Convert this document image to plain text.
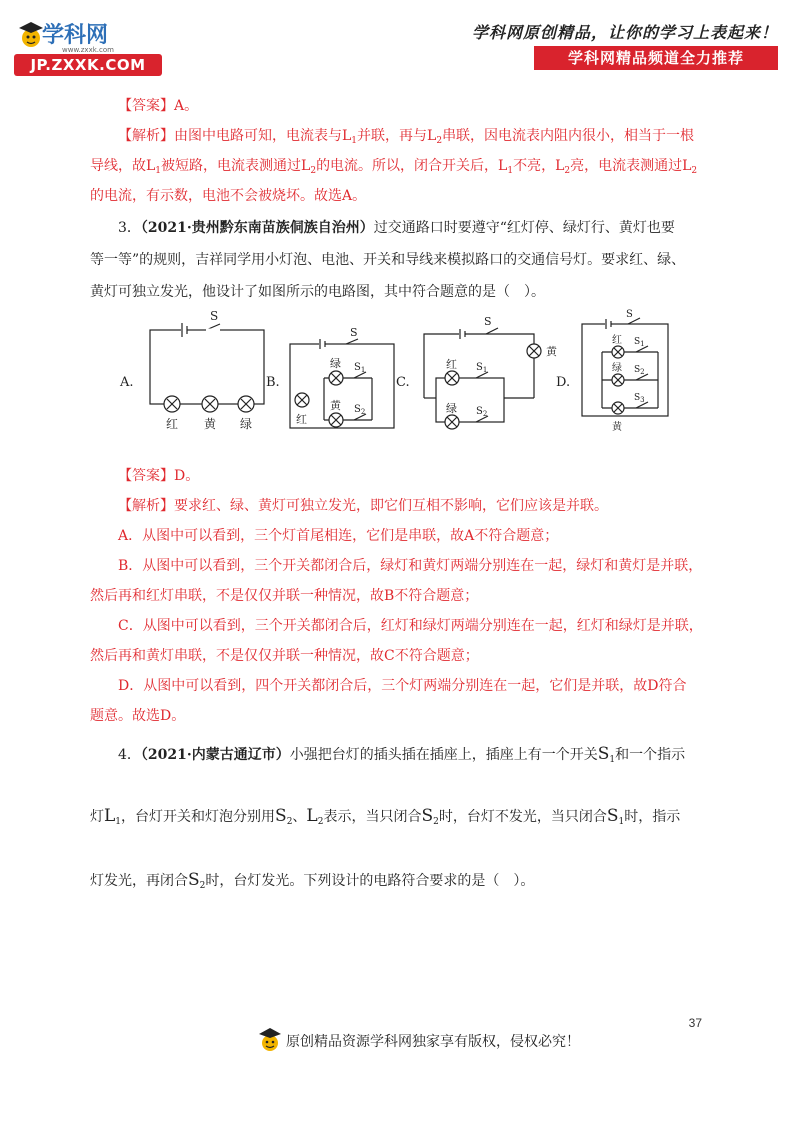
学科网
www.zxxk.com
JP.ZXXK.COM
学科网原创精品，让你的学习上表起来！
学科网精品频道全力推荐
【答案】A。
【解析】由图中电路可知，电流表与$L_1$并联，再与$L_2$串联，因电流表内阻内很小，相当于一根
导线，故$L_1$被短路，电流表测通过$L_2$的电流。所以，闭合开关后，$L_1$不亮，$L_2$亮，电流表测通过$L_2$
的电流，有示数，电池不会被烧坏。故选A。
3．（2021·贵州黔东南苗族侗族自治州）过交通路口时要遵守“红灯停、绿灯行、黄灯也要
等一等”的规则，吉祥同学用小灯泡、电池、开关和导线来模拟路口的交通信号灯。要求红、绿、
黄灯可独立发光，他设计了如图所示的电路图，其中符合题意的是（　）。
A.
S
红 黄 绿
B.
S
红
绿
黄
$S_1$
$S_2$
C.
S
黄
红
绿
$S_1$
$S_2$
D.
S
红
绿
黄
$S_1$
$S_2$
$S_3$
【答案】D。
【解析】要求红、绿、黄灯可独立发光，即它们互相不影响，它们应该是并联。
A．从图中可以看到，三个灯首尾相连，它们是串联，故A不符合题意；
B．从图中可以看到，三个开关都闭合后，绿灯和黄灯两端分别连在一起，绿灯和黄灯是并联，
然后再和红灯串联，不是仅仅并联一种情况，故B不符合题意；
C．从图中可以看到，三个开关都闭合后，红灯和绿灯两端分别连在一起，红灯和绿灯是并联，
然后再和黄灯串联，不是仅仅并联一种情况，故C不符合题意；
D．从图中可以看到，四个开关都闭合后，三个灯两端分别连在一起，它们是并联，故D符合
题意。故选D。
4．（2021·内蒙古通辽市）小强把台灯的插头插在插座上，插座上有一个开关$S_1$和一个指示
灯$L_1$，台灯开关和灯泡分别用$S_2$、$L_2$表示，当只闭合$S_2$时，台灯不发光，当只闭合$S_1$时，指示
灯发光，再闭合$S_2$时，台灯发光。下列设计的电路符合要求的是（　）。
37
原创精品资源学科网独家享有版权，侵权必究！
